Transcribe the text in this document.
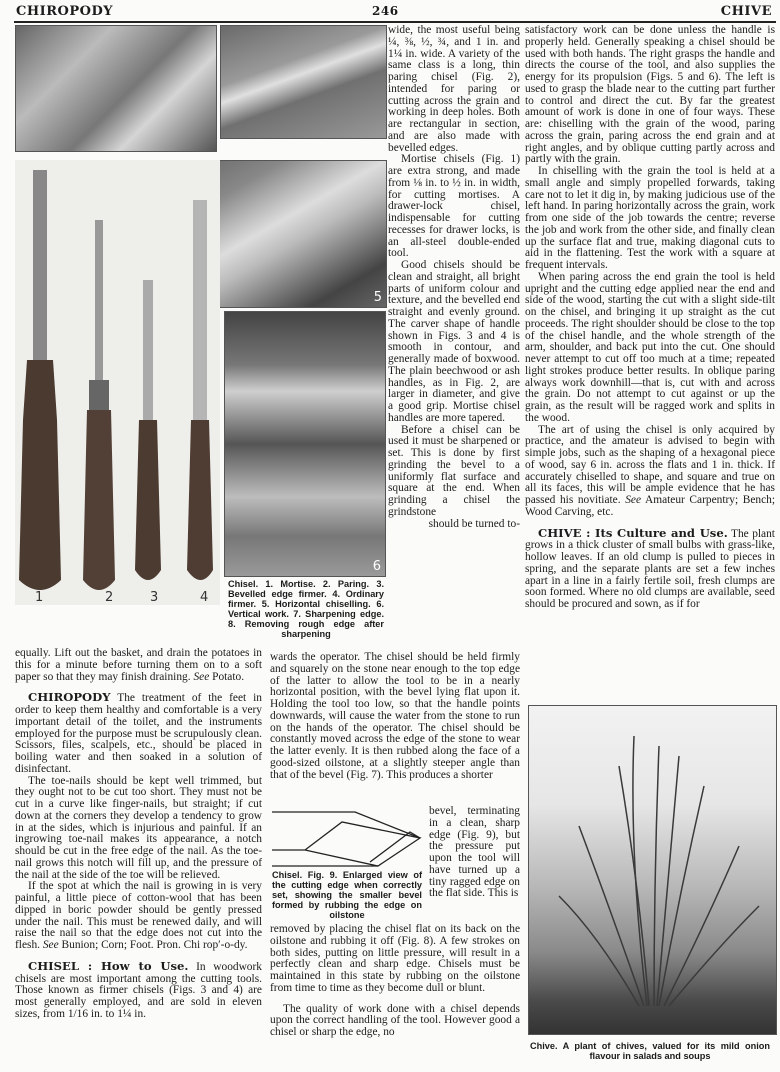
CHIROPODY	246	CHIVE
5
1	2	3	4
6
Chisel. 1. Mortise. 2. Paring. 3. Bevelled edge firmer. 4. Ordinary firmer. 5. Horizontal chiselling. 6. Vertical work. 7. Sharpening edge. 8. Removing rough edge after sharpening

wide, the most useful being ¼, ⅜, ½, ¾, and 1 in. and 1¼ in. wide. A variety of the same class is a long, thin paring chisel (Fig. 2), intended for paring or cutting across the grain and working in deep holes. Both are rectangular in section, and are also made with bevelled edges.

Mortise chisels (Fig. 1) are extra strong, and made from ⅛ in. to ½ in. in width, for cutting mortises. A drawer-lock chisel, indispensable for cutting recesses for drawer locks, is an all-steel double-ended tool.

Good chisels should be clean and straight, all bright parts of uniform colour and texture, and the bevelled end straight and evenly ground. The carver shape of handle shown in Figs. 3 and 4 is smooth in contour, and generally made of boxwood. The plain beechwood or ash handles, as in Fig. 2, are larger in diameter, and give a good grip. Mortise chisel handles are more tapered.

Before a chisel can be used it must be sharpened or set. This is done by first grinding the bevel to a uniformly flat surface and square at the end. When grinding a chisel the grindstone

should be turned to-

satisfactory work can be done unless the handle is properly held. Generally speaking a chisel should be used with both hands. The right grasps the handle and directs the course of the tool, and also supplies the energy for its propulsion (Figs. 5 and 6). The left is used to grasp the blade near to the cutting part further to control and direct the cut. By far the greatest amount of work is done in one of four ways. These are: chiselling with the grain of the wood, paring across the grain, paring across the end grain and at right angles, and by oblique cutting partly across and partly with the grain.

In chiselling with the grain the tool is held at a small angle and simply propelled forwards, taking care not to let it dig in, by making judicious use of the left hand. In paring horizontally across the grain, work from one side of the job towards the centre; reverse the job and work from the other side, and finally clean up the surface flat and true, making diagonal cuts to aid in the flattening. Test the work with a square at frequent intervals.

When paring across the end grain the tool is held upright and the cutting edge applied near the end and side of the wood, starting the cut with a slight side-tilt on the chisel, and bringing it up straight as the cut proceeds. The right shoulder should be close to the top of the chisel handle, and the whole strength of the arm, shoulder, and back put into the cut. One should never attempt to cut off too much at a time; repeated light strokes produce better results. In oblique paring always work downhill—that is, cut with and across the grain. Do not attempt to cut against or up the grain, as the result will be ragged work and splits in the wood.

The art of using the chisel is only acquired by practice, and the amateur is advised to begin with simple jobs, such as the shaping of a hexagonal piece of wood, say 6 in. across the flats and 1 in. thick. If accurately chiselled to shape, and square and true on all its faces, this will be ample evidence that he has passed his novitiate. See Amateur Carpentry; Bench; Wood Carving, etc.

CHIVE : Its Culture and Use. The plant grows in a thick cluster of small bulbs with grass-like, hollow leaves. If an old clump is pulled to pieces in spring, and the separate plants are set a few inches apart in a line in a fairly fertile soil, fresh clumps are soon formed. Where no old clumps are available, seed should be procured and sown, as if for

Chive. A plant of chives, valued for its mild onion flavour in salads and soups

equally. Lift out the basket, and drain the potatoes in this for a minute before turning them on to a soft paper so that they may finish draining. See Potato.

CHIROPODY The treatment of the feet in order to keep them healthy and comfortable is a very important detail of the toilet, and the instruments employed for the purpose must be scrupulously clean. Scissors, files, scalpels, etc., should be placed in boiling water and then soaked in a solution of disinfectant.

The toe-nails should be kept well trimmed, but they ought not to be cut too short. They must not be cut in a curve like finger-nails, but straight; if cut down at the corners they develop a tendency to grow in at the sides, which is injurious and painful. If an ingrowing toe-nail makes its appearance, a notch should be cut in the free edge of the nail. As the toe-nail grows this notch will fill up, and the pressure of the nail at the side of the toe will be relieved.

If the spot at which the nail is growing in is very painful, a little piece of cotton-wool that has been dipped in boric powder should be gently pressed under the nail. This must be renewed daily, and will raise the nail so that the edge does not cut into the flesh. See Bunion; Corn; Foot. Pron. Chi rop′-o-dy.

CHISEL : How to Use. In woodwork chisels are most important among the cutting tools. Those known as firmer chisels (Figs. 3 and 4) are most generally employed, and are sold in eleven sizes, from 1/16 in. to 1¼ in.

wards the operator. The chisel should be held firmly and squarely on the stone near enough to the top edge of the latter to allow the tool to be in a nearly horizontal position, with the bevel lying flat upon it. Holding the tool too low, so that the handle points downwards, will cause the water from the stone to run on the hands of the operator. The chisel should be constantly moved across the edge of the stone to wear the latter evenly. It is then rubbed along the face of a good-sized oilstone, at a slightly steeper angle than that of the bevel (Fig. 7). This produces a shorter

Chisel. Fig. 9. Enlarged view of the cutting edge when correctly set, showing the smaller bevel formed by rubbing the edge on oilstone

bevel, terminating in a clean, sharp edge (Fig. 9), but the pressure put upon the tool will have turned up a tiny ragged edge on the flat side. This is

removed by placing the chisel flat on its back on the oilstone and rubbing it off (Fig. 8). A few strokes on both sides, putting on little pressure, will result in a perfectly clean and sharp edge. Chisels must be maintained in this state by rubbing on the oilstone from time to time as they become dull or blunt.

The quality of work done with a chisel depends upon the correct handling of the tool. However good a chisel or sharp the edge, no
